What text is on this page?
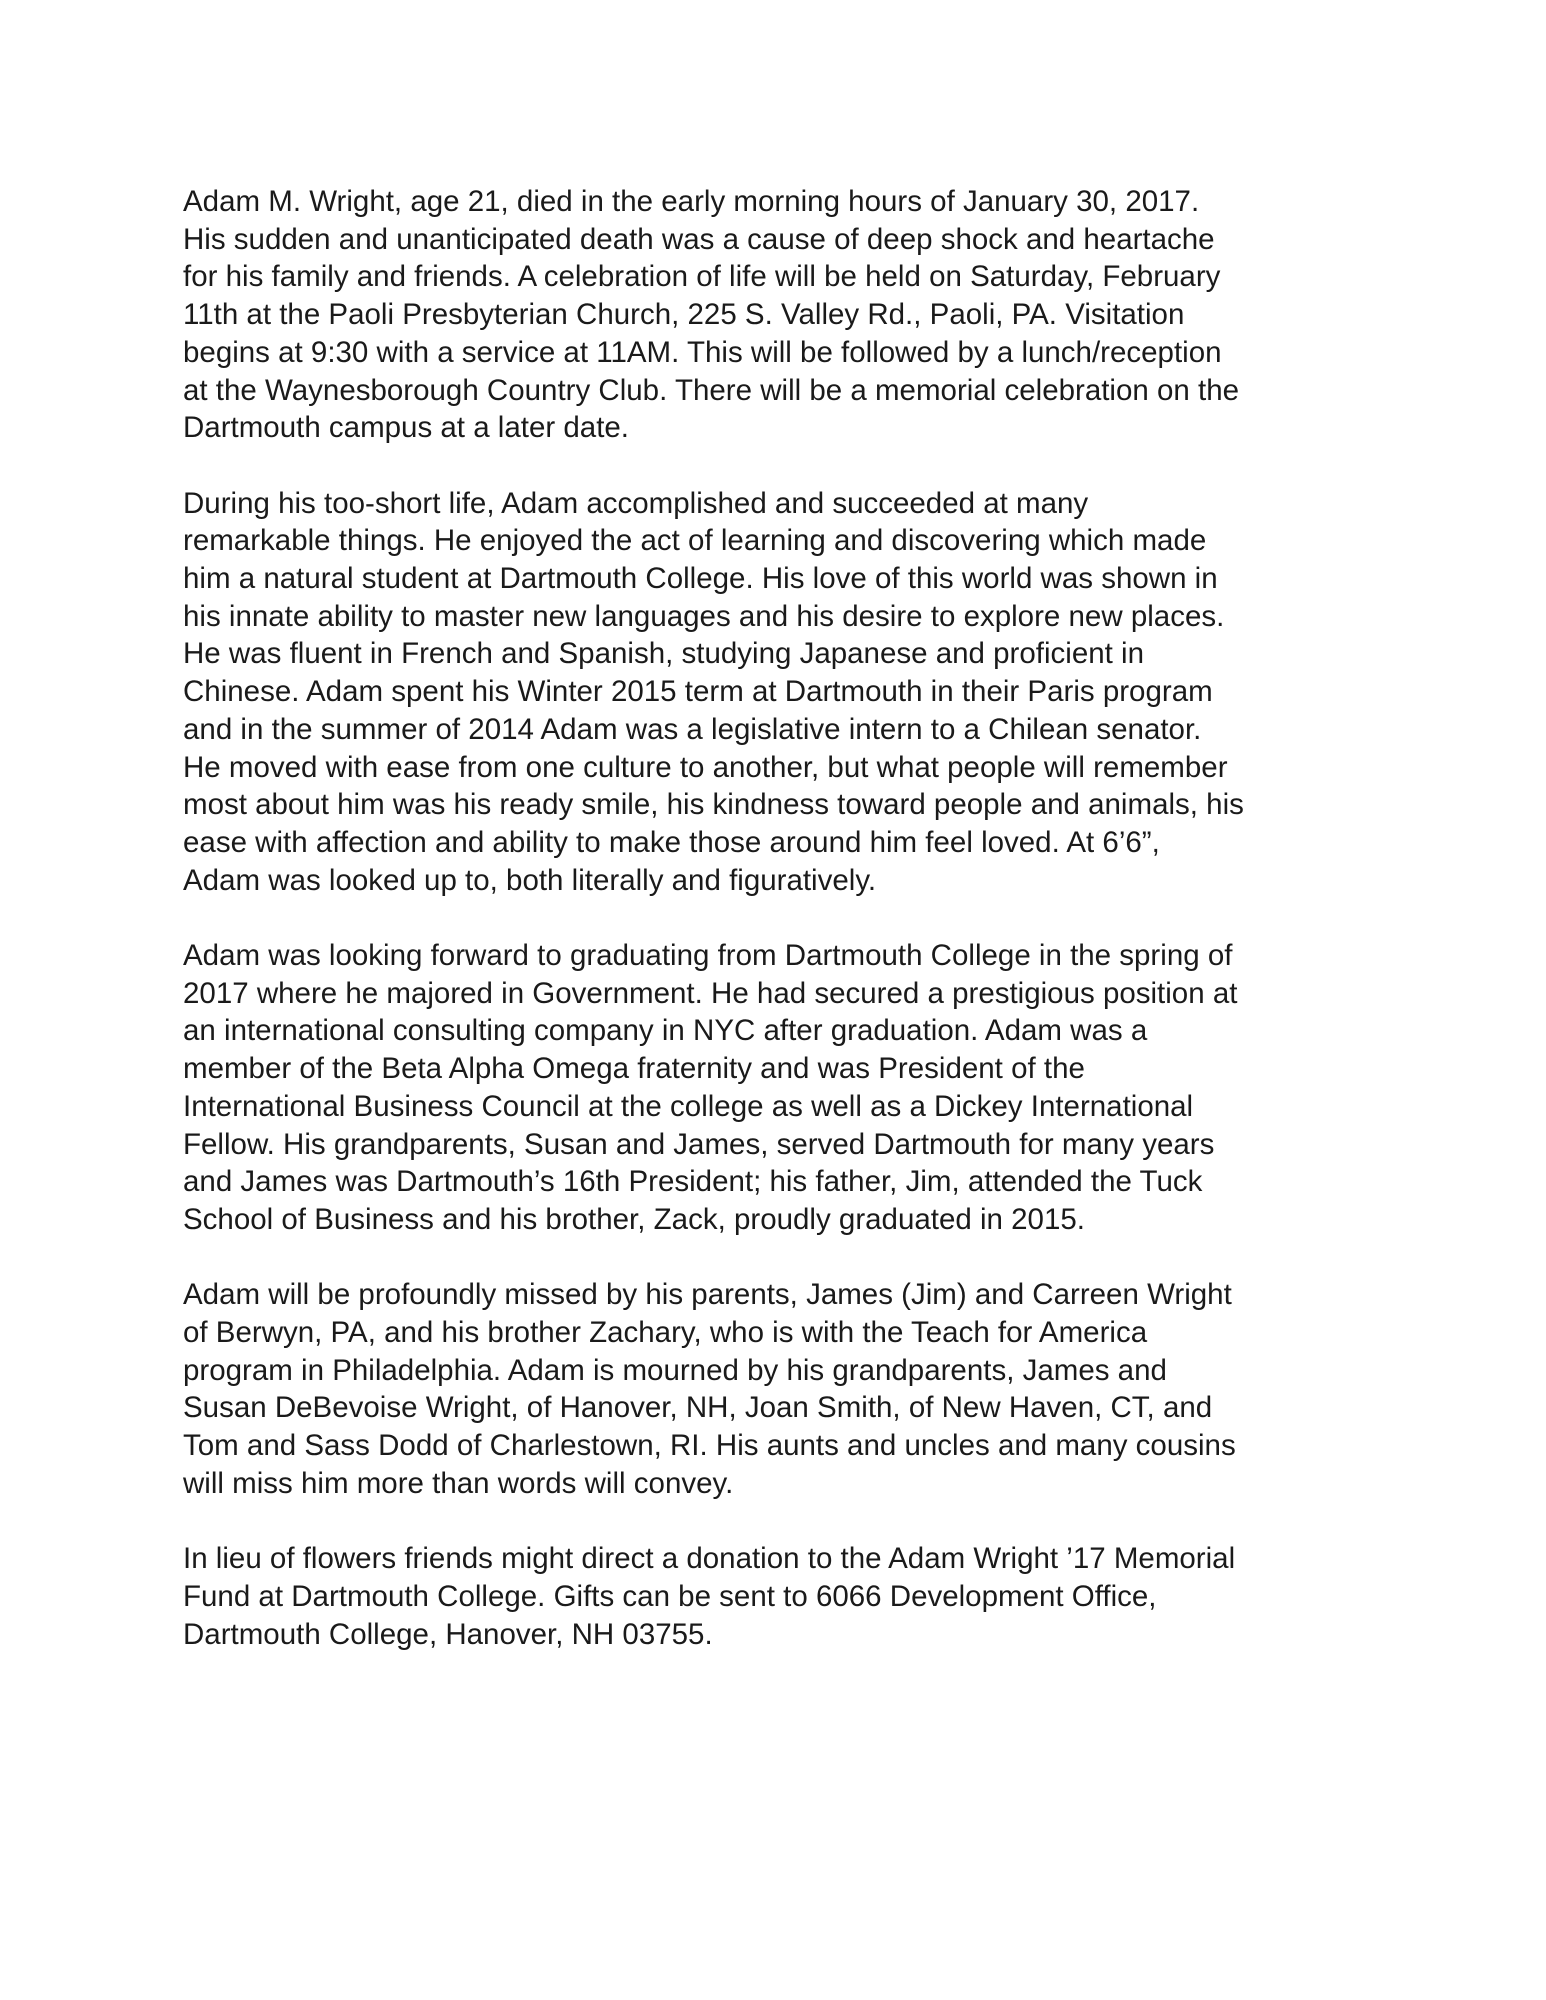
Adam M. Wright, age 21, died in the early morning hours of January 30, 2017.
His sudden and unanticipated death was a cause of deep shock and heartache
for his family and friends. A celebration of life will be held on Saturday, February
11th at the Paoli Presbyterian Church, 225 S. Valley Rd., Paoli, PA. Visitation
begins at 9:30 with a service at 11AM. This will be followed by a lunch/reception
at the Waynesborough Country Club. There will be a memorial celebration on the
Dartmouth campus at a later date.

During his too-short life, Adam accomplished and succeeded at many
remarkable things. He enjoyed the act of learning and discovering which made
him a natural student at Dartmouth College. His love of this world was shown in
his innate ability to master new languages and his desire to explore new places.
He was fluent in French and Spanish, studying Japanese and proficient in
Chinese. Adam spent his Winter 2015 term at Dartmouth in their Paris program
and in the summer of 2014 Adam was a legislative intern to a Chilean senator.
He moved with ease from one culture to another, but what people will remember
most about him was his ready smile, his kindness toward people and animals, his
ease with affection and ability to make those around him feel loved. At 6’6”,
Adam was looked up to, both literally and figuratively.

Adam was looking forward to graduating from Dartmouth College in the spring of
2017 where he majored in Government. He had secured a prestigious position at
an international consulting company in NYC after graduation. Adam was a
member of the Beta Alpha Omega fraternity and was President of the
International Business Council at the college as well as a Dickey International
Fellow. His grandparents, Susan and James, served Dartmouth for many years
and James was Dartmouth’s 16th President; his father, Jim, attended the Tuck
School of Business and his brother, Zack, proudly graduated in 2015.

Adam will be profoundly missed by his parents, James (Jim) and Carreen Wright
of Berwyn, PA, and his brother Zachary, who is with the Teach for America
program in Philadelphia. Adam is mourned by his grandparents, James and
Susan DeBevoise Wright, of Hanover, NH, Joan Smith, of New Haven, CT, and
Tom and Sass Dodd of Charlestown, RI. His aunts and uncles and many cousins
will miss him more than words will convey.

In lieu of flowers friends might direct a donation to the Adam Wright ’17 Memorial
Fund at Dartmouth College. Gifts can be sent to 6066 Development Office,
Dartmouth College, Hanover, NH 03755.
